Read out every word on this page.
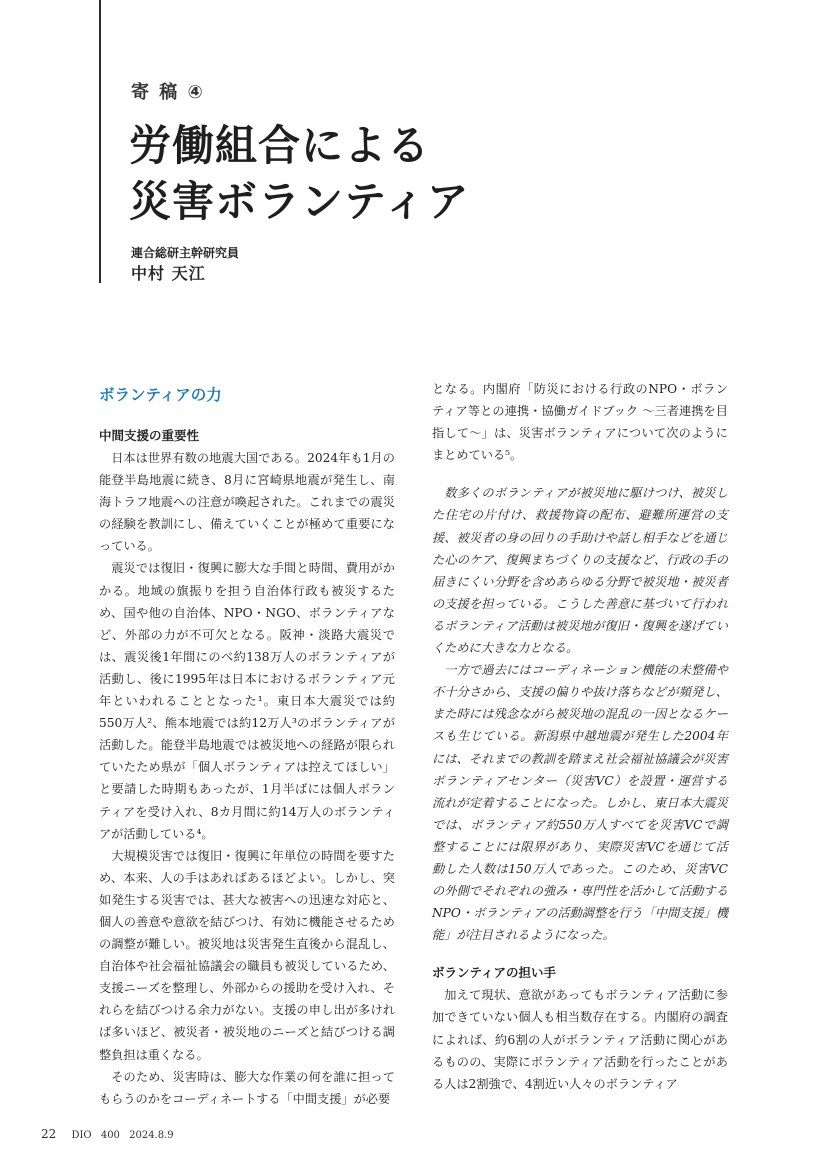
寄 稿 ④
労働組合による
災害ボランティア
連合総研主幹研究員
中村 天江
ボランティアの力
中間支援の重要性

日本は世界有数の地震大国である。2024年も1月の能登半島地震に続き、8月に宮崎県地震が発生し、南海トラフ地震への注意が喚起された。これまでの震災の経験を教訓にし、備えていくことが極めて重要になっている。

震災では復旧・復興に膨大な手間と時間、費用がかかる。地域の旗振りを担う自治体行政も被災するため、国や他の自治体、NPO・NGO、ボランティアなど、外部の力が不可欠となる。阪神・淡路大震災では、震災後1年間にのべ約138万人のボランティアが活動し、後に1995年は日本におけるボランティア元年といわれることとなった¹。東日本大震災では約550万人²、熊本地震では約12万人³のボランティアが活動した。能登半島地震では被災地への経路が限られていたため県が「個人ボランティアは控えてほしい」と要請した時期もあったが、1月半ばには個人ボランティアを受け入れ、8カ月間に約14万人のボランティアが活動している⁴。

大規模災害では復旧・復興に年単位の時間を要すため、本来、人の手はあればあるほどよい。しかし、突如発生する災害では、甚大な被害への迅速な対応と、個人の善意や意欲を結びつけ、有効に機能させるための調整が難しい。被災地は災害発生直後から混乱し、自治体や社会福祉協議会の職員も被災しているため、支援ニーズを整理し、外部からの援助を受け入れ、それらを結びつける余力がない。支援の申し出が多ければ多いほど、被災者・被災地のニーズと結びつける調整負担は重くなる。

そのため、災害時は、膨大な作業の何を誰に担ってもらうのかをコーディネートする「中間支援」が必要

となる。内閣府「防災における行政のNPO・ボランティア等との連携・協働ガイドブック ～三者連携を目指して～」は、災害ボランティアについて次のようにまとめている⁵。

数多くのボランティアが被災地に駆けつけ、被災した住宅の片付け、救援物資の配布、避難所運営の支援、被災者の身の回りの手助けや話し相手などを通じた心のケア、復興まちづくりの支援など、行政の手の届きにくい分野を含めあらゆる分野で被災地・被災者の支援を担っている。こうした善意に基づいて行われるボランティア活動は被災地が復旧・復興を遂げていくために大きな力となる。

一方で過去にはコーディネーション機能の未整備や不十分さから、支援の偏りや抜け落ちなどが頻発し、また時には残念ながら被災地の混乱の一因となるケースも生じている。新潟県中越地震が発生した2004年には、それまでの教訓を踏まえ社会福祉協議会が災害ボランティアセンター（災害VC）を設置・運営する流れが定着することになった。しかし、東日本大震災では、ボランティア約550万人すべてを災害VCで調整することには限界があり、実際災害VCを通じて活動した人数は150万人であった。このため、災害VCの外側でそれぞれの強み・専門性を活かして活動するNPO・ボランティアの活動調整を行う「中間支援」機能」が注目されるようになった。

ボランティアの担い手

加えて現状、意欲があってもボランティア活動に参加できていない個人も相当数存在する。内閣府の調査によれば、約6割の人がボランティア活動に関心があるものの、実際にボランティア活動を行ったことがある人は2割強で、4割近い人々のボランティア

22 DIO 400 2024.8.9
